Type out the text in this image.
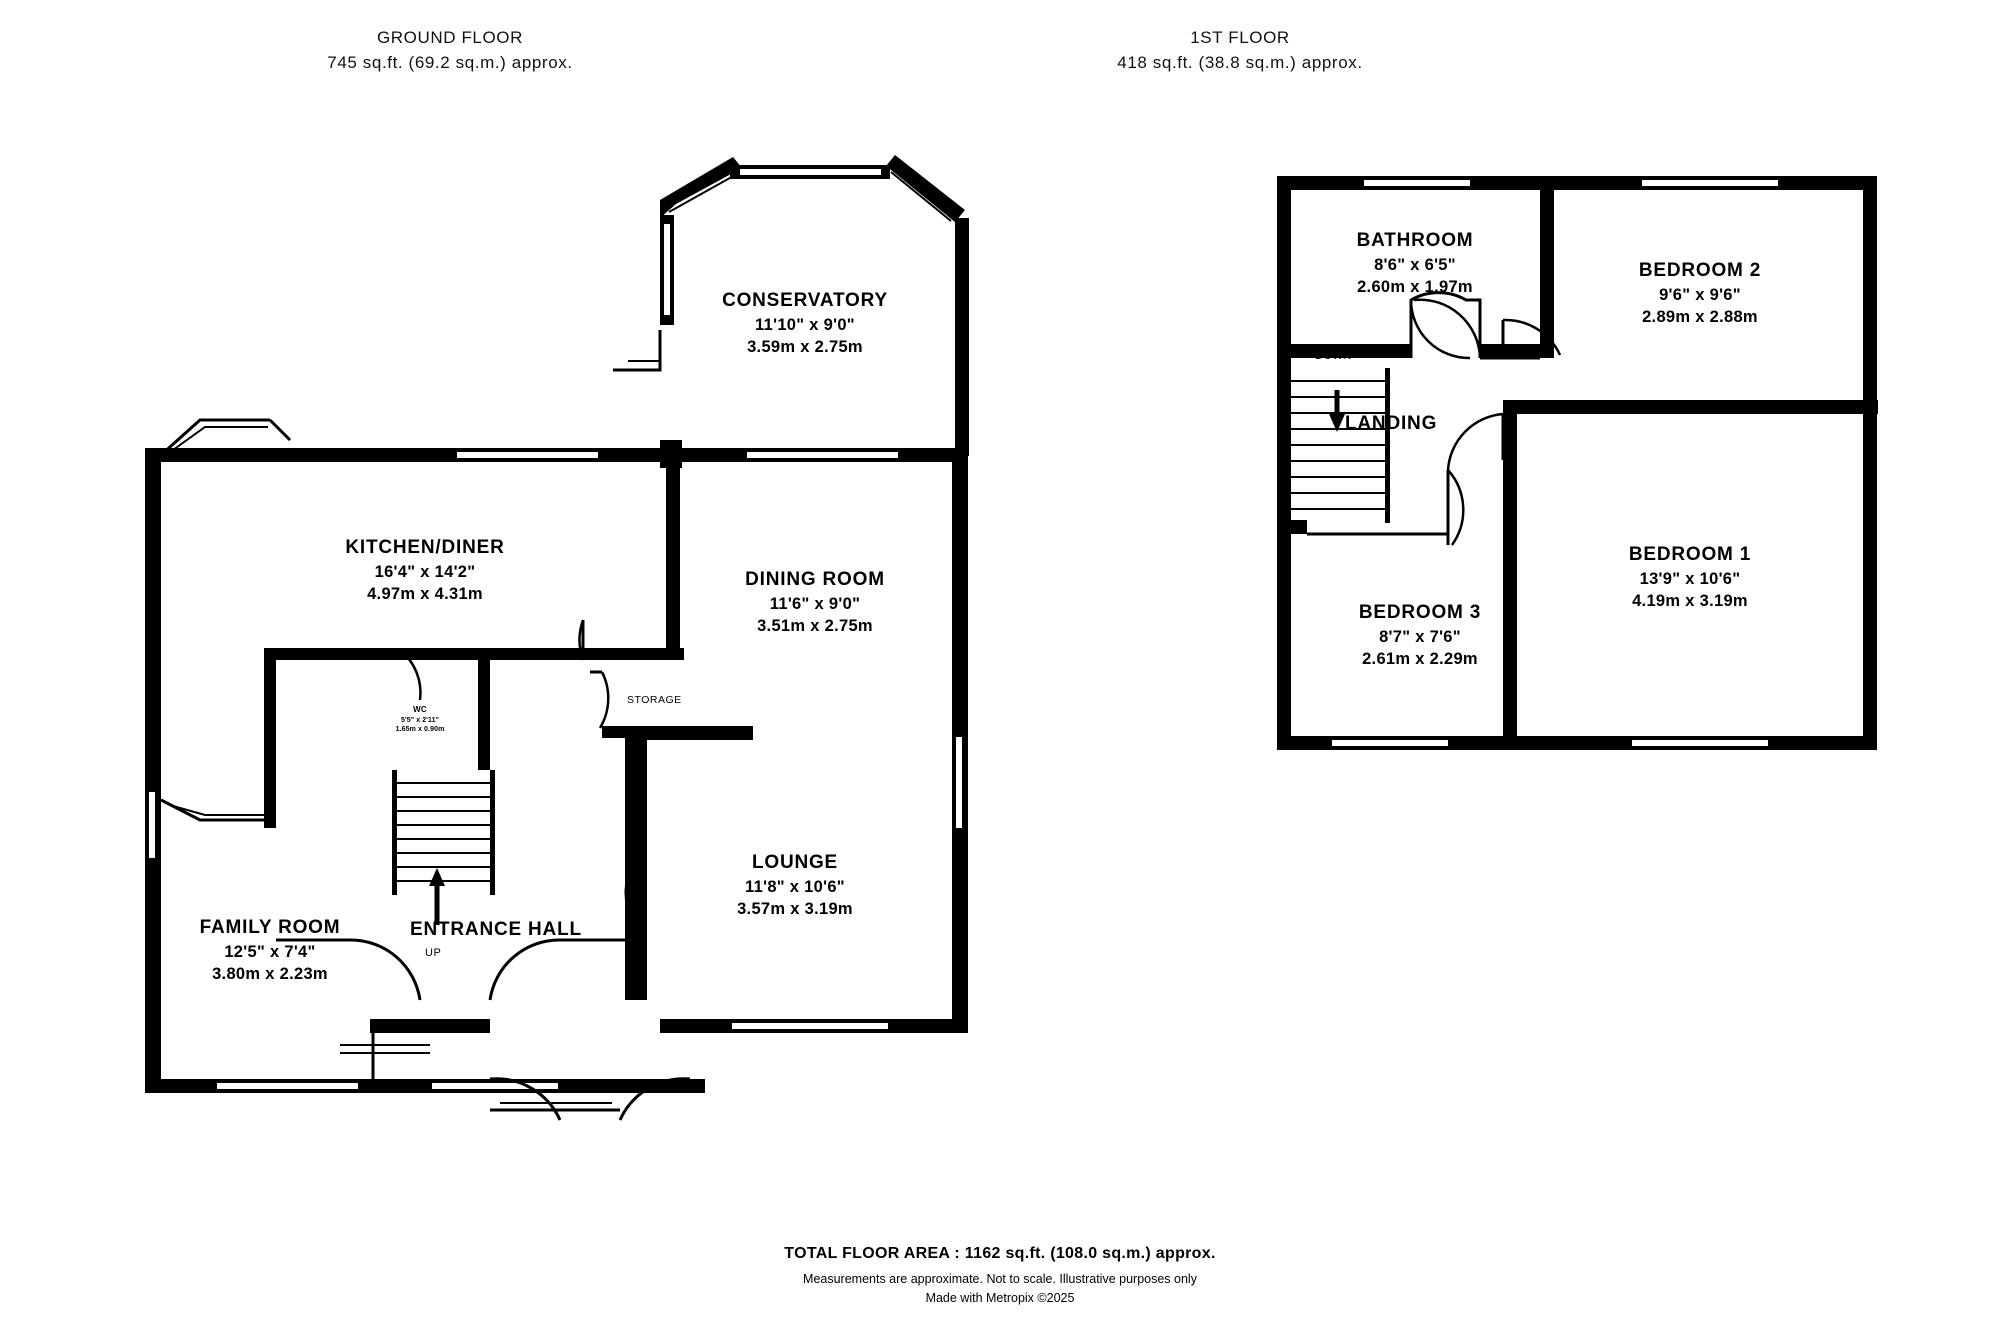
GROUND FLOOR
745 sq.ft. (69.2 sq.m.) approx.
1ST FLOOR
418 sq.ft. (38.8 sq.m.) approx.
CONSERVATORY
11'10" x 9'0"
3.59m x 2.75m
KITCHEN/DINER
16'4" x 14'2"
4.97m x 4.31m
DINING ROOM
11'6" x 9'0"
3.51m x 2.75m
LOUNGE
11'8" x 10'6"
3.57m x 3.19m
FAMILY ROOM
12'5" x 7'4"
3.80m x 2.23m
WC
5'5" x 2'11"
1.65m x 0.90m
ENTRANCE HALL
UP
STORAGE
BATHROOM
8'6" x 6'5"
2.60m x 1.97m
BEDROOM 2
9'6" x 9'6"
2.89m x 2.88m
BEDROOM 1
13'9" x 10'6"
4.19m x 3.19m
BEDROOM 3
8'7" x 7'6"
2.61m x 2.29m
LANDING
DOWN
TOTAL FLOOR AREA : 1162 sq.ft. (108.0 sq.m.) approx.
Measurements are approximate. Not to scale. Illustrative purposes only
Made with Metropix ©2025
